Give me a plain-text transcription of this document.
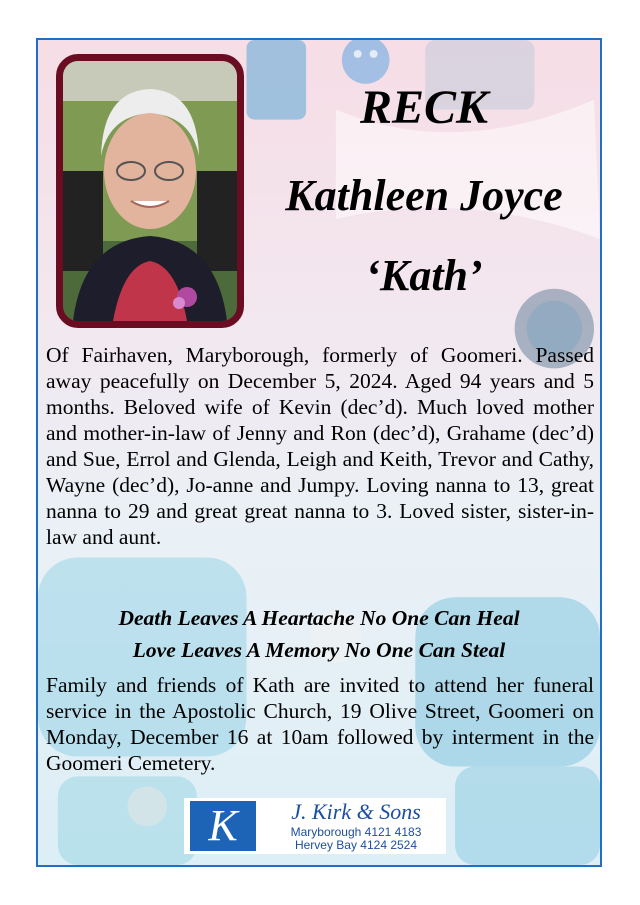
RECK
Kathleen Joyce
‘Kath’

Of Fairhaven, Maryborough, formerly of Goomeri. Passed away peacefully on December 5, 2024. Aged 94 years and 5 months. Beloved wife of Kevin (dec’d). Much loved mother and mother-in-law of Jenny and Ron (dec’d), Grahame (dec’d) and Sue, Errol and Glenda, Leigh and Keith, Trevor and Cathy, Wayne (dec’d), Jo-anne and Jumpy. Loving nanna to 13, great nanna to 29 and great great nanna to 3. Loved sister, sister-in-law and aunt.

Death Leaves A Heartache No One Can Heal

Love Leaves A Memory No One Can Steal

Family and friends of Kath are invited to attend her funeral service in the Apostolic Church, 19 Olive Street, Goomeri on Monday, December 16 at 10am followed by interment in the Goomeri Cemetery.

K	J. Kirk & Sons
Maryborough 4121 4183
Hervey Bay 4124 2524
